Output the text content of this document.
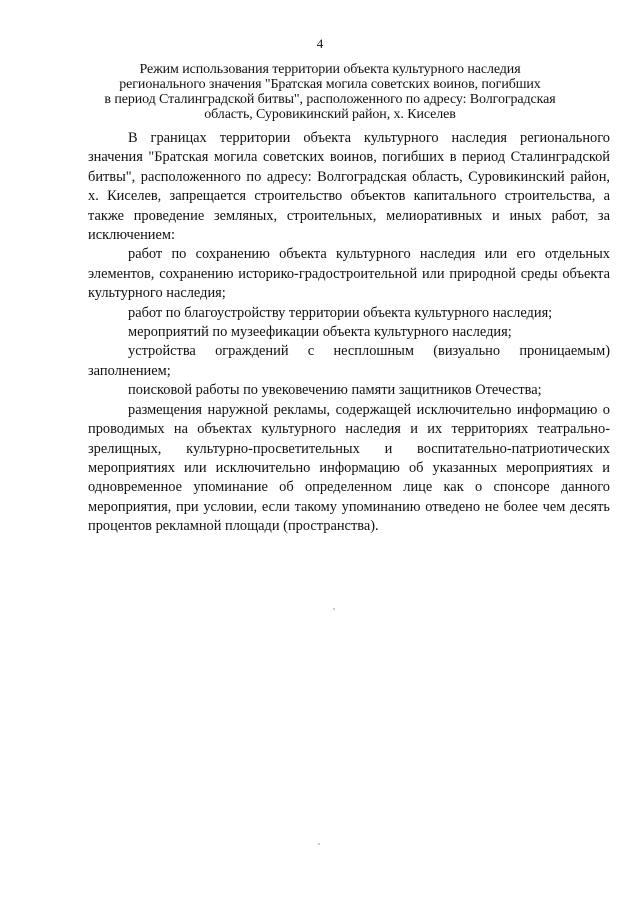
4
Режим использования территории объекта культурного наследия
регионального значения "Братская могила советских воинов, погибших
в период Сталинградской битвы", расположенного по адресу: Волгоградская
область, Суровикинский район, х. Киселев

В границах территории объекта культурного наследия регионального значения "Братская могила советских воинов, погибших в период Сталинградской битвы", расположенного по адресу: Волгоградская область, Суровикинский район, х. Киселев, запрещается строительство объектов капитального строительства, а также проведение земляных, строительных, мелиоративных и иных работ, за исключением:

работ по сохранению объекта культурного наследия или его отдельных элементов, сохранению историко-градостроительной или природной среды объекта культурного наследия;

работ по благоустройству территории объекта культурного наследия;

мероприятий по музеефикации объекта культурного наследия;

устройства ограждений с несплошным (визуально проницаемым) заполнением;

поисковой работы по увековечению памяти защитников Отечества;

размещения наружной рекламы, содержащей исключительно информацию о проводимых на объектах культурного наследия и их территориях театрально-зрелищных, культурно-просветительных и воспитательно-патриотических мероприятиях или исключительно информацию об указанных мероприятиях и одновременное упоминание об определенном лице как о спонсоре данного мероприятия, при условии, если такому упоминанию отведено не более чем десять процентов рекламной площади (пространства).
